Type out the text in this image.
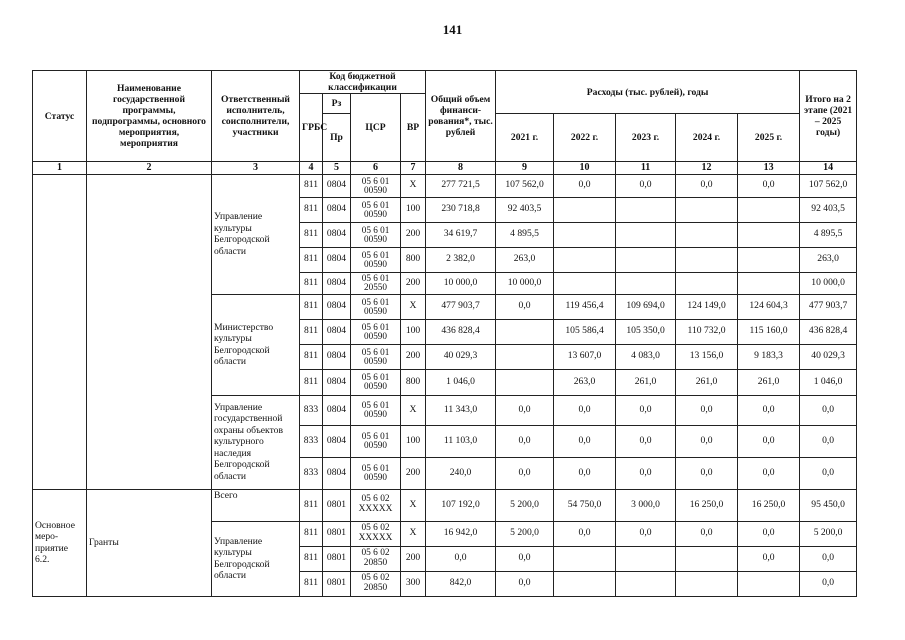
141
Статус	Наименование государственной программы, подпрограммы, основного мероприятия, мероприятия	Ответственный исполнитель, соисполнители, участники	Код бюджетной классификации				Общий объем финанси-рования*, тыс. рублей	Расходы (тыс. рублей), годы					Итого на 2 этапе (2021 – 2025 годы)
			ГРБС	Рз	ЦСР	ВР							
				Пр				2021 г.	2022 г.	2023 г.	2024 г.	2025 г.	
1	2	3	4	5	6	7	8	9	10	11	12	13	14
		Управление культуры Белгородской области	811	0804	05 6 01 00590	X	277 721,5	107 562,0	0,0	0,0	0,0	0,0	107 562,0
			811	0804	05 6 01 00590	100	230 718,8	92 403,5					92 403,5
			811	0804	05 6 01 00590	200	34 619,7	4 895,5					4 895,5
			811	0804	05 6 01 00590	800	2 382,0	263,0					263,0
			811	0804	05 6 01 20550	200	10 000,0	10 000,0					10 000,0
		Министерство культуры Белгородской области	811	0804	05 6 01 00590	X	477 903,7	0,0	119 456,4	109 694,0	124 149,0	124 604,3	477 903,7
			811	0804	05 6 01 00590	100	436 828,4		105 586,4	105 350,0	110 732,0	115 160,0	436 828,4
			811	0804	05 6 01 00590	200	40 029,3		13 607,0	4 083,0	13 156,0	9 183,3	40 029,3
			811	0804	05 6 01 00590	800	1 046,0		263,0	261,0	261,0	261,0	1 046,0
		Управление государственной охраны объектов культурного наследия Белгородской области	833	0804	05 6 01 00590	X	11 343,0	0,0	0,0	0,0	0,0	0,0	0,0
			833	0804	05 6 01 00590	100	11 103,0	0,0	0,0	0,0	0,0	0,0	0,0
			833	0804	05 6 01 00590	200	240,0	0,0	0,0	0,0	0,0	0,0	0,0
Основное меро-приятие 6.2.	Гранты	Всего	811	0801	05 6 02 XXXXX	X	107 192,0	5 200,0	54 750,0	3 000,0	16 250,0	16 250,0	95 450,0
		Управление культуры Белгородской области	811	0801	05 6 02 XXXXX	X	16 942,0	5 200,0	0,0	0,0	0,0	0,0	5 200,0
			811	0801	05 6 02 20850	200	0,0	0,0				0,0	0,0
			811	0801	05 6 02 20850	300	842,0	0,0					0,0
